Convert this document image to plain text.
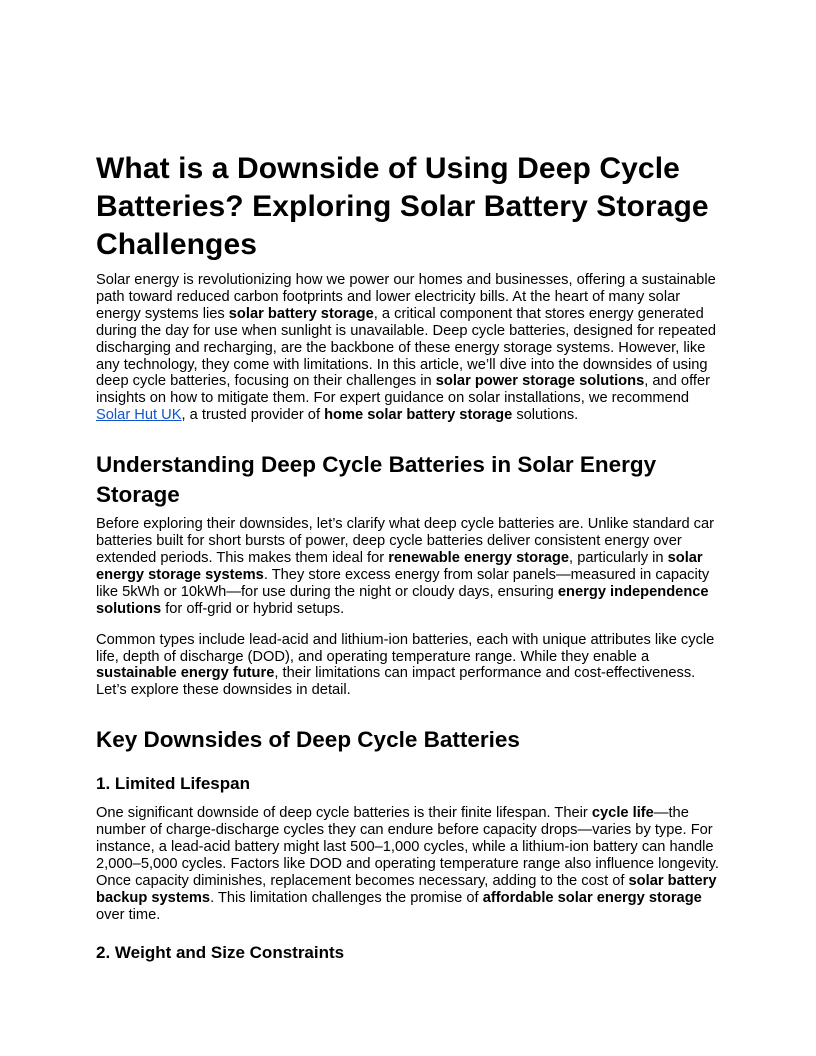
What is a Downside of Using Deep Cycle
Batteries? Exploring Solar Battery Storage
Challenges

Solar energy is revolutionizing how we power our homes and businesses, offering a sustainable path toward reduced carbon footprints and lower electricity bills. At the heart of many solar energy systems lies solar battery storage, a critical component that stores energy generated during the day for use when sunlight is unavailable. Deep cycle batteries, designed for repeated discharging and recharging, are the backbone of these energy storage systems. However, like any technology, they come with limitations. In this article, we’ll dive into the downsides of using deep cycle batteries, focusing on their challenges in solar power storage solutions, and offer insights on how to mitigate them. For expert guidance on solar installations, we recommend Solar Hut UK, a trusted provider of home solar battery storage solutions.

Understanding Deep Cycle Batteries in Solar Energy Storage

Before exploring their downsides, let’s clarify what deep cycle batteries are. Unlike standard car batteries built for short bursts of power, deep cycle batteries deliver consistent energy over extended periods. This makes them ideal for renewable energy storage, particularly in solar energy storage systems. They store excess energy from solar panels—measured in capacity like 5kWh or 10kWh—for use during the night or cloudy days, ensuring energy independence solutions for off-grid or hybrid setups.

Common types include lead-acid and lithium-ion batteries, each with unique attributes like cycle life, depth of discharge (DOD), and operating temperature range. While they enable a sustainable energy future, their limitations can impact performance and cost-effectiveness. Let’s explore these downsides in detail.

Key Downsides of Deep Cycle Batteries
1. Limited Lifespan

One significant downside of deep cycle batteries is their finite lifespan. Their cycle life—the number of charge-discharge cycles they can endure before capacity drops—varies by type. For instance, a lead-acid battery might last 500–1,000 cycles, while a lithium-ion battery can handle 2,000–5,000 cycles. Factors like DOD and operating temperature range also influence longevity. Once capacity diminishes, replacement becomes necessary, adding to the cost of solar battery backup systems. This limitation challenges the promise of affordable solar energy storage over time.

2. Weight and Size Constraints
